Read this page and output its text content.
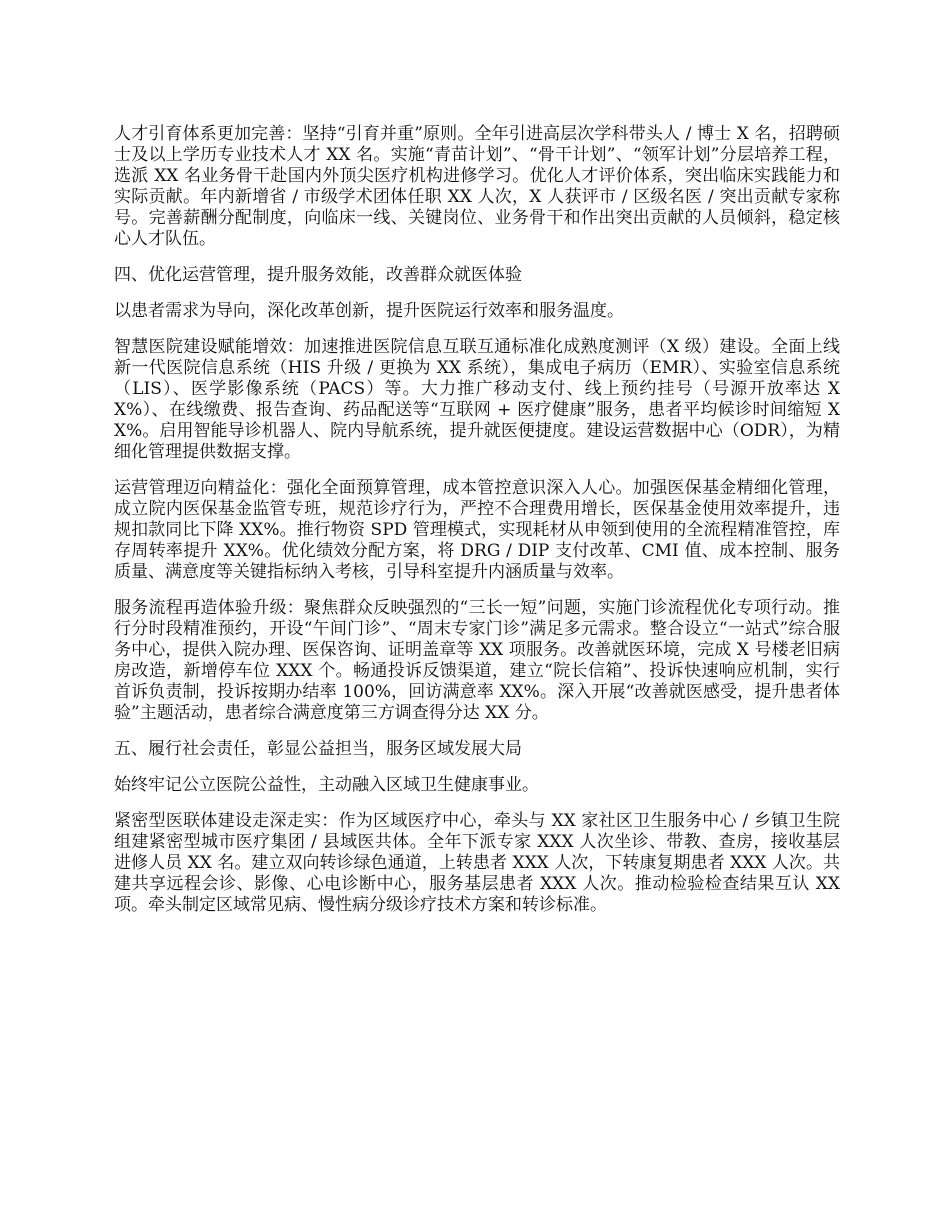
人才引育体系更加完善：坚持“引育并重”原则。全年引进高层次学科带头人 / 博士 X 名，招聘硕士及以上学历专业技术人才 XX 名。实施“青苗计划”、“骨干计划”、“领军计划”分层培养工程，选派 XX 名业务骨干赴国内外顶尖医疗机构进修学习。优化人才评价体系，突出临床实践能力和实际贡献。年内新增省 / 市级学术团体任职 XX 人次，X 人获评市 / 区级名医 / 突出贡献专家称号。完善薪酬分配制度，向临床一线、关键岗位、业务骨干和作出突出贡献的人员倾斜，稳定核心人才队伍。

四、优化运营管理，提升服务效能，改善群众就医体验

以患者需求为导向，深化改革创新，提升医院运行效率和服务温度。

智慧医院建设赋能增效：加速推进医院信息互联互通标准化成熟度测评（X 级）建设。全面上线新一代医院信息系统（HIS 升级 / 更换为 XX 系统），集成电子病历（EMR）、实验室信息系统（LIS）、医学影像系统（PACS）等。大力推广移动支付、线上预约挂号（号源开放率达 XX%）、在线缴费、报告查询、药品配送等“互联网 + 医疗健康”服务，患者平均候诊时间缩短 XX%。启用智能导诊机器人、院内导航系统，提升就医便捷度。建设运营数据中心（ODR），为精细化管理提供数据支撑。

运营管理迈向精益化：强化全面预算管理，成本管控意识深入人心。加强医保基金精细化管理，成立院内医保基金监管专班，规范诊疗行为，严控不合理费用增长，医保基金使用效率提升，违规扣款同比下降 XX%。推行物资 SPD 管理模式，实现耗材从申领到使用的全流程精准管控，库存周转率提升 XX%。优化绩效分配方案，将 DRG / DIP 支付改革、CMI 值、成本控制、服务质量、满意度等关键指标纳入考核，引导科室提升内涵质量与效率。

服务流程再造体验升级：聚焦群众反映强烈的“三长一短”问题，实施门诊流程优化专项行动。推行分时段精准预约，开设“午间门诊”、“周末专家门诊”满足多元需求。整合设立“一站式”综合服务中心，提供入院办理、医保咨询、证明盖章等 XX 项服务。改善就医环境，完成 X 号楼老旧病房改造，新增停车位 XXX 个。畅通投诉反馈渠道，建立“院长信箱”、投诉快速响应机制，实行首诉负责制，投诉按期办结率 100%，回访满意率 XX%。深入开展“改善就医感受，提升患者体验”主题活动，患者综合满意度第三方调查得分达 XX 分。

五、履行社会责任，彰显公益担当，服务区域发展大局

始终牢记公立医院公益性，主动融入区域卫生健康事业。

紧密型医联体建设走深走实：作为区域医疗中心，牵头与 XX 家社区卫生服务中心 / 乡镇卫生院组建紧密型城市医疗集团 / 县域医共体。全年下派专家 XXX 人次坐诊、带教、查房，接收基层进修人员 XX 名。建立双向转诊绿色通道，上转患者 XXX 人次，下转康复期患者 XXX 人次。共建共享远程会诊、影像、心电诊断中心，服务基层患者 XXX 人次。推动检验检查结果互认 XX 项。牵头制定区域常见病、慢性病分级诊疗技术方案和转诊标准。
